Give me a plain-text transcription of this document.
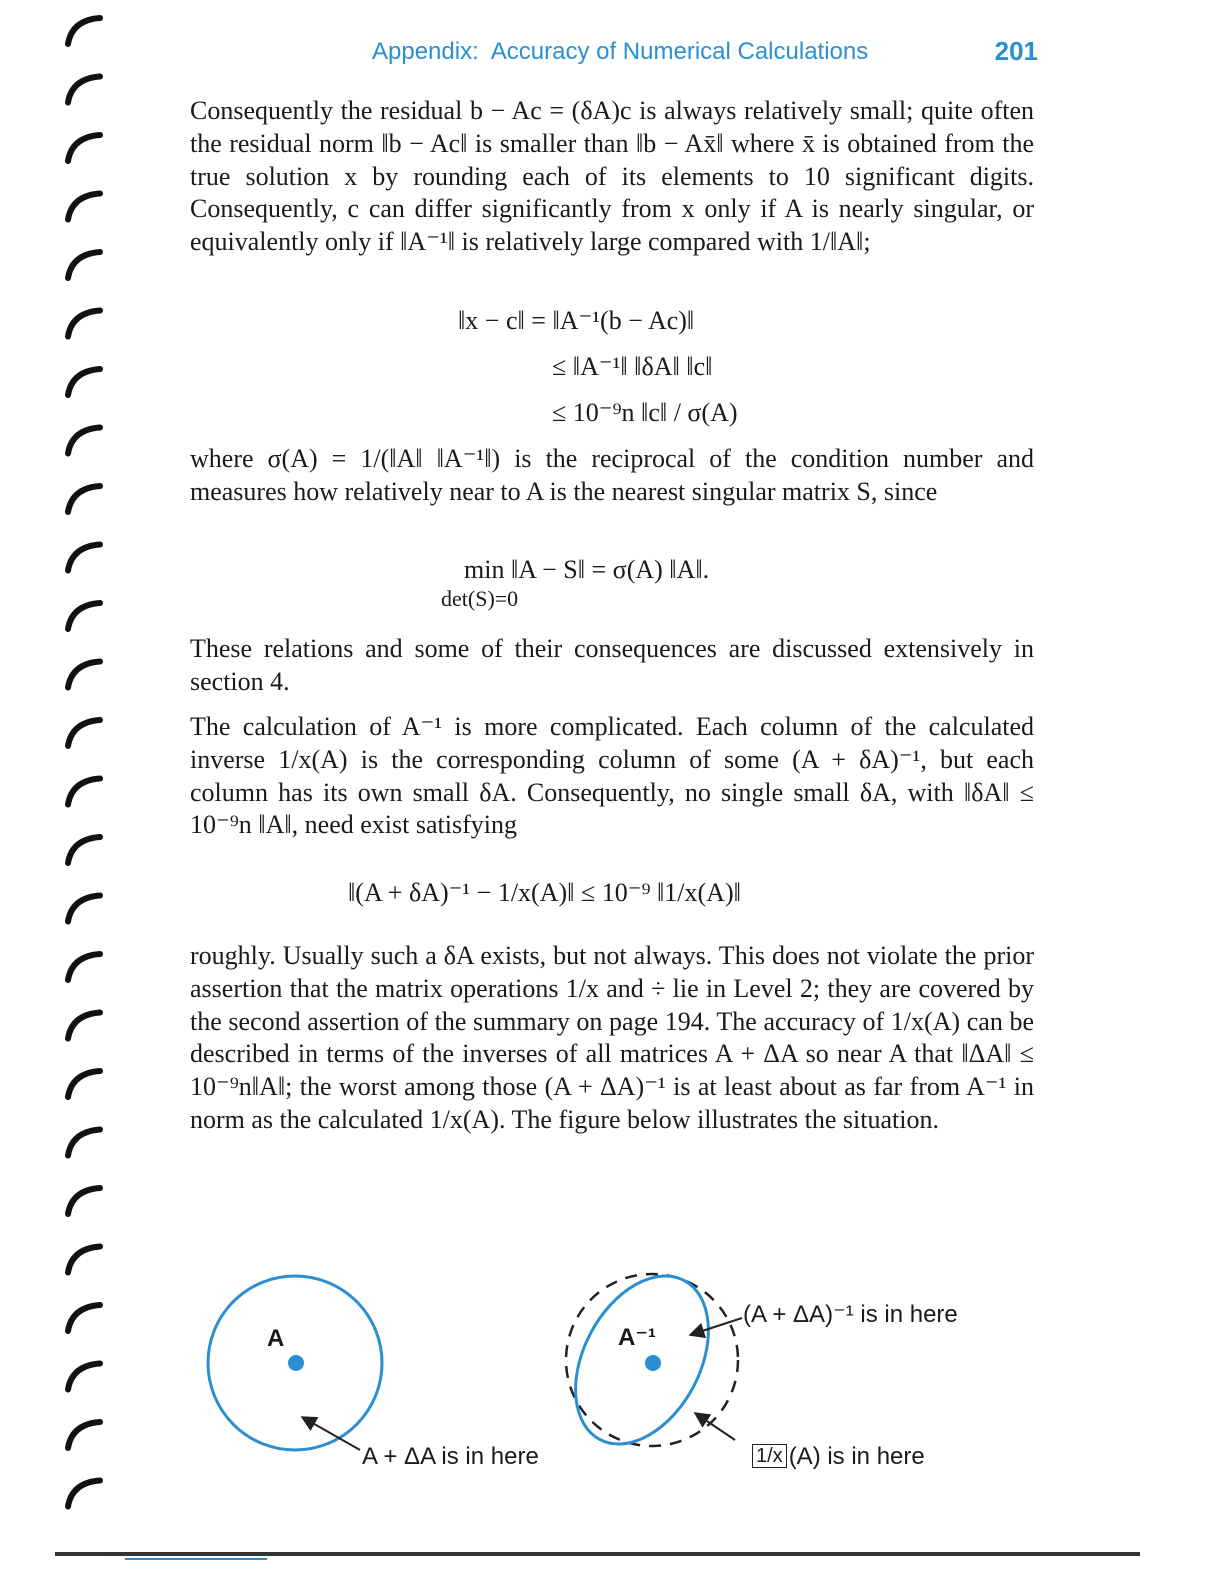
Appendix:  Accuracy of Numerical Calculations	201

Consequently the residual b − Ac = (δA)c is always relatively small; quite often the residual norm ‖b − Ac‖ is smaller than ‖b − Ax̄‖ where x̄ is obtained from the true solution x by rounding each of its elements to 10 significant digits. Consequently, c can differ significantly from x only if A is nearly singular, or equivalently only if ‖A⁻¹‖ is relatively large compared with 1/‖A‖;

‖x − c‖ = ‖A⁻¹(b − Ac)‖
≤ ‖A⁻¹‖ ‖δA‖ ‖c‖
≤ 10⁻⁹n ‖c‖ / σ(A)

where σ(A) = 1/(‖A‖ ‖A⁻¹‖) is the reciprocal of the condition number and measures how relatively near to A is the nearest singular matrix S, since

min ‖A − S‖ = σ(A) ‖A‖.
det(S)=0

These relations and some of their consequences are discussed extensively in section 4.

The calculation of A⁻¹ is more complicated. Each column of the calculated inverse 1/x(A) is the corresponding column of some (A + δA)⁻¹, but each column has its own small δA. Consequently, no single small δA, with ‖δA‖ ≤ 10⁻⁹n ‖A‖, need exist satisfying

‖(A + δA)⁻¹ − 1/x(A)‖ ≤ 10⁻⁹ ‖1/x(A)‖

roughly. Usually such a δA exists, but not always. This does not violate the prior assertion that the matrix operations 1/x and ÷ lie in Level 2; they are covered by the second assertion of the summary on page 194. The accuracy of 1/x(A) can be described in terms of the inverses of all matrices A + ΔA so near A that ‖ΔA‖ ≤ 10⁻⁹n‖A‖; the worst among those (A + ΔA)⁻¹ is at least about as far from A⁻¹ in norm as the calculated 1/x(A). The figure below illustrates the situation.

A	A⁻¹
A + ΔA is in here
(A + ΔA)⁻¹ is in here
1/x (A) is in here
